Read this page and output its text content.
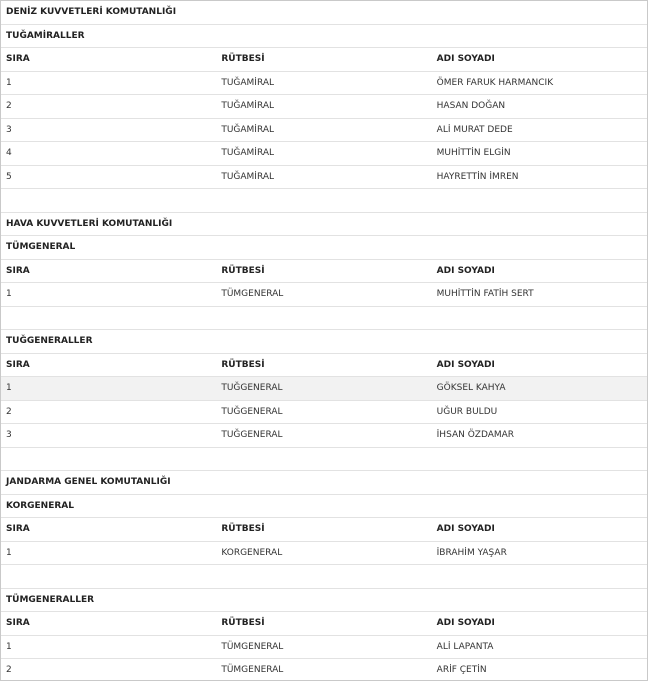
DENİZ KUVVETLERİ KOMUTANLIĞI		
TUĞAMİRALLER		
SIRA	RÜTBESİ	ADI SOYADI
1	TUĞAMİRAL	ÖMER FARUK HARMANCIK
2	TUĞAMİRAL	HASAN DOĞAN
3	TUĞAMİRAL	ALİ MURAT DEDE
4	TUĞAMİRAL	MUHİTTİN ELGİN
5	TUĞAMİRAL	HAYRETTİN İMREN

HAVA KUVVETLERİ KOMUTANLIĞI		
TÜMGENERAL		
SIRA	RÜTBESİ	ADI SOYADI
1	TÜMGENERAL	MUHİTTİN FATİH SERT

TUĞGENERALLER		
SIRA	RÜTBESİ	ADI SOYADI
1	TUĞGENERAL	GÖKSEL KAHYA
2	TUĞGENERAL	UĞUR BULDU
3	TUĞGENERAL	İHSAN ÖZDAMAR

JANDARMA GENEL KOMUTANLIĞI		
KORGENERAL		
SIRA	RÜTBESİ	ADI SOYADI
1	KORGENERAL	İBRAHİM YAŞAR

TÜMGENERALLER		
SIRA	RÜTBESİ	ADI SOYADI
1	TÜMGENERAL	ALİ LAPANTA
2	TÜMGENERAL	ARİF ÇETİN
